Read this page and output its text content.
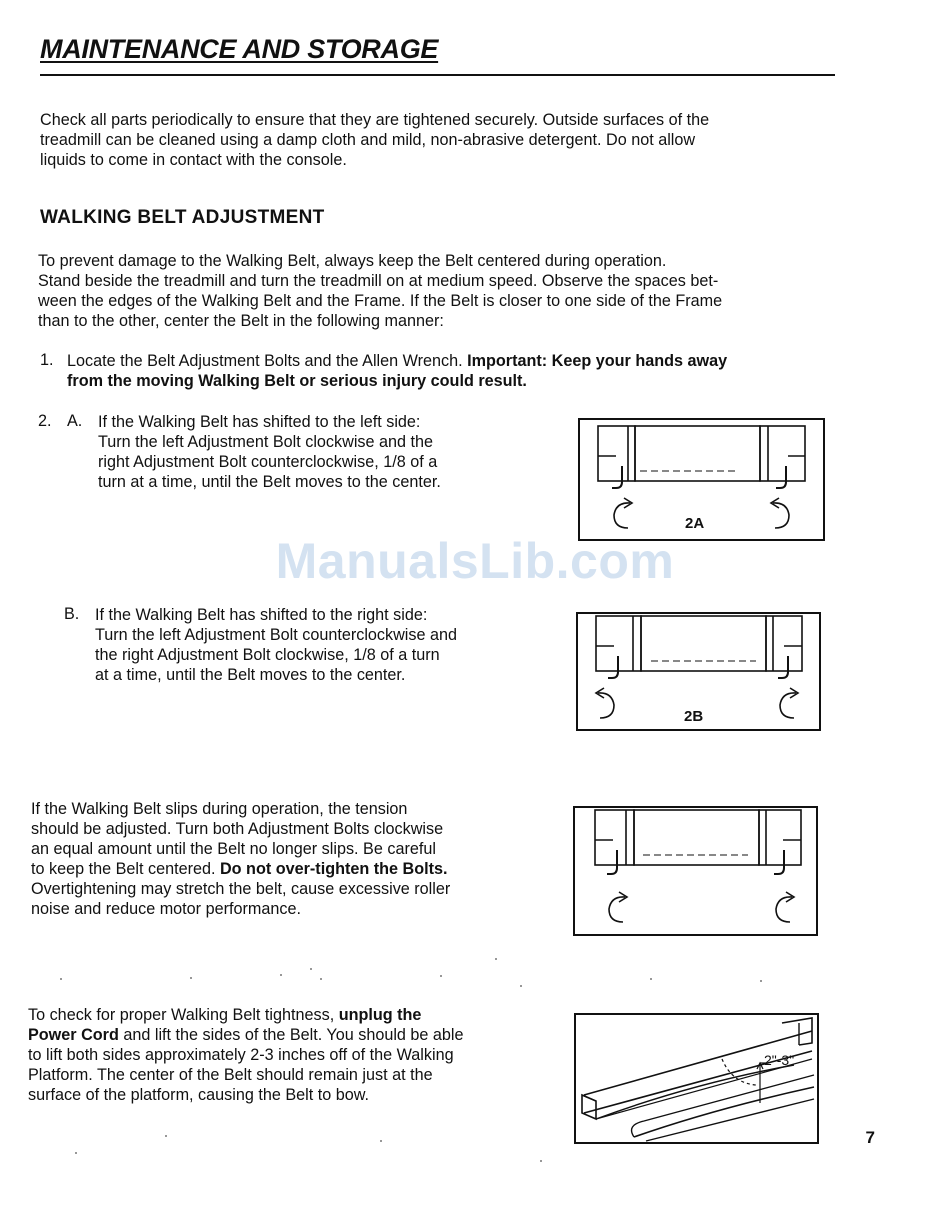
MAINTENANCE AND STORAGE
Check all parts periodically to ensure that they are tightened securely. Outside surfaces of the
treadmill can be cleaned using a damp cloth and mild, non-abrasive detergent. Do not allow
liquids to come in contact with the console.
WALKING BELT ADJUSTMENT
To prevent damage to the Walking Belt, always keep the Belt centered during operation.
Stand beside the treadmill and turn the treadmill on at medium speed. Observe the spaces bet-
ween the edges of the Walking Belt and the Frame. If the Belt is closer to one side of the Frame
than to the other, center the Belt in the following manner:
1. Locate the Belt Adjustment Bolts and the Allen Wrench. Important: Keep your hands away
from the moving Walking Belt or serious injury could result.
2. A. If the Walking Belt has shifted to the left side:
Turn the left Adjustment Bolt clockwise and the
right Adjustment Bolt counterclockwise, 1/8 of a
turn at a time, until the Belt moves to the center.
2A
ManualsLib.com
B. If the Walking Belt has shifted to the right side:
Turn the left Adjustment Bolt counterclockwise and
the right Adjustment Bolt clockwise, 1/8 of a turn
at a time, until the Belt moves to the center.
2B
If the Walking Belt slips during operation, the tension
should be adjusted. Turn both Adjustment Bolts clockwise
an equal amount until the Belt no longer slips. Be careful
to keep the Belt centered. Do not over-tighten the Bolts.
Overtightening may stretch the belt, cause excessive roller
noise and reduce motor performance.
To check for proper Walking Belt tightness, unplug the
Power Cord and lift the sides of the Belt. You should be able
to lift both sides approximately 2-3 inches off of the Walking
Platform. The center of the Belt should remain just at the
surface of the platform, causing the Belt to bow.
2"-3"
7
